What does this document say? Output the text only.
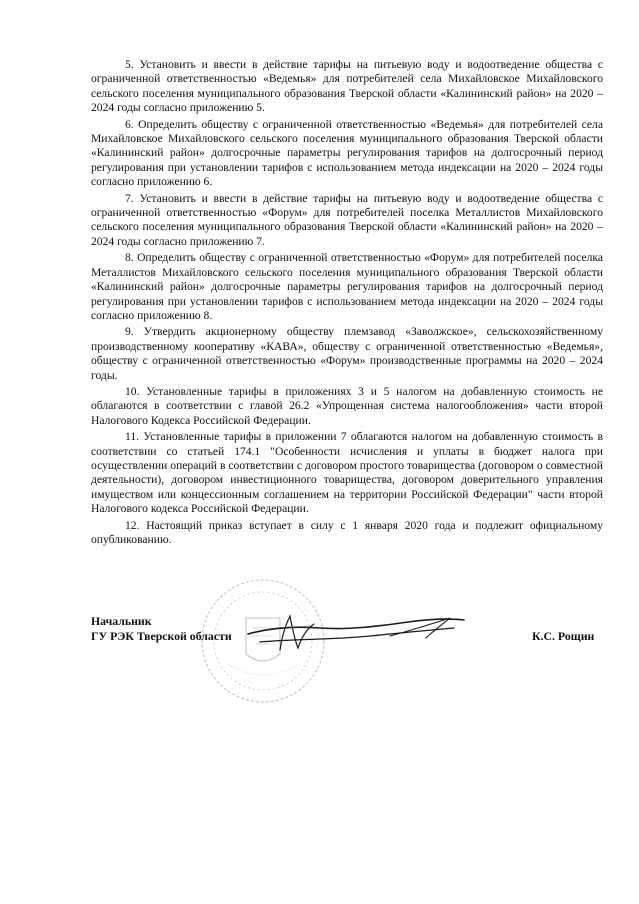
5. Установить и ввести в действие тарифы на питьевую воду и водоотведение общества с ограниченной ответственностью «Ведемья» для потребителей села Михайловское Михайловского сельского поселения муниципального образования Тверской области «Калининский район» на 2020 – 2024 годы согласно приложению 5.

6. Определить обществу с ограниченной ответственностью «Ведемья» для потребителей села Михайловское Михайловского сельского поселения муниципального образования Тверской области «Калининский район» долгосрочные параметры регулирования тарифов на долгосрочный период регулирования при установлении тарифов с использованием метода индексации на 2020 – 2024 годы согласно приложению 6.

7. Установить и ввести в действие тарифы на питьевую воду и водоотведение общества с ограниченной ответственностью «Форум» для потребителей поселка Металлистов Михайловского сельского поселения муниципального образования Тверской области «Калининский район» на 2020 – 2024 годы согласно приложению 7.

8. Определить обществу с ограниченной ответственностью «Форум» для потребителей поселка Металлистов Михайловского сельского поселения муниципального образования Тверской области «Калининский район» долгосрочные параметры регулирования тарифов на долгосрочный период регулирования при установлении тарифов с использованием метода индексации на 2020 – 2024 годы согласно приложению 8.

9. Утвердить акционерному обществу племзавод «Заволжское», сельскохозяйственному производственному кооперативу «КАВА», обществу с ограниченной ответственностью «Ведемья», обществу с ограниченной ответственностью «Форум» производственные программы на 2020 – 2024 годы.

10. Установленные тарифы в приложениях 3 и 5 налогом на добавленную стоимость не облагаются в соответствии с главой 26.2 «Упрощенная система налогообложения» части второй Налогового Кодекса Российской Федерации.

11. Установленные тарифы в приложении 7 облагаются налогом на добавленную стоимость в соответствии со статьей 174.1 "Особенности исчисления и уплаты в бюджет налога при осуществлении операций в соответствии с договором простого товарищества (договором о совместной деятельности), договором инвестиционного товарищества, договором доверительного управления имуществом или концессионным соглашением на территории Российской Федерации" части второй Налогового кодекса Российской Федерации.

12. Настоящий приказ вступает в силу с 1 января 2020 года и подлежит официальному опубликованию.

Начальник
ГУ РЭК Тверской области	К.С. Рощин
